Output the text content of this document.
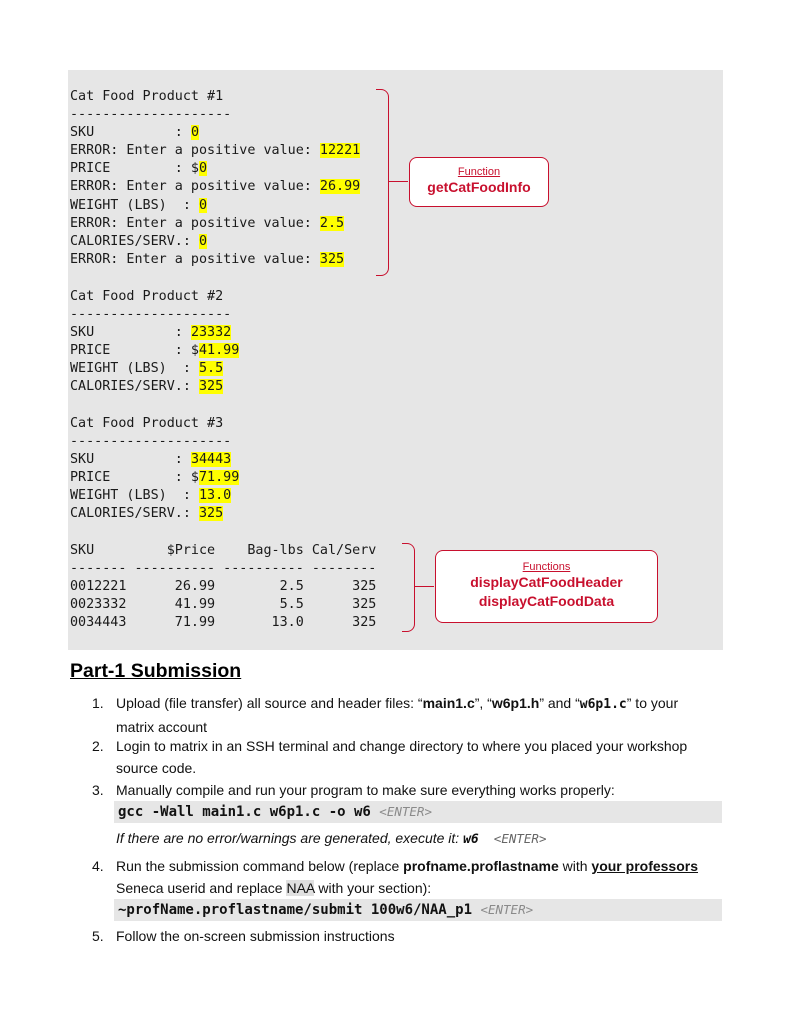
Cat Food Product #1
--------------------
SKU          : 0
ERROR: Enter a positive value: 12221
PRICE        : $0
ERROR: Enter a positive value: 26.99
WEIGHT (LBS)  : 0
ERROR: Enter a positive value: 2.5
CALORIES/SERV.: 0
ERROR: Enter a positive value: 325
Cat Food Product #2
--------------------
SKU          : 23332
PRICE        : $41.99
WEIGHT (LBS)  : 5.5
CALORIES/SERV.: 325
Cat Food Product #3
--------------------
SKU          : 34443
PRICE        : $71.99
WEIGHT (LBS)  : 13.0
CALORIES/SERV.: 325
SKU         $Price    Bag-lbs Cal/Serv
------- ---------- ---------- --------
0012221      26.99        2.5      325
0023332      41.99        5.5      325
0034443      71.99       13.0      325
Function
getCatFoodInfo
Functions
displayCatFoodHeader
displayCatFoodData
Part-1 Submission
1. Upload (file transfer) all source and header files: “main1.c”, “w6p1.h” and “w6p1.c” to your
matrix account
2. Login to matrix in an SSH terminal and change directory to where you placed your workshop
source code.
3. Manually compile and run your program to make sure everything works properly:
gcc -Wall main1.c w6p1.c -o w6 <ENTER>
If there are no error/warnings are generated, execute it: w6  <ENTER>
4. Run the submission command below (replace profname.proflastname with your professors
Seneca userid and replace NAA with your section):
~profName.proflastname/submit 100w6/NAA_p1 <ENTER>
5. Follow the on-screen submission instructions
